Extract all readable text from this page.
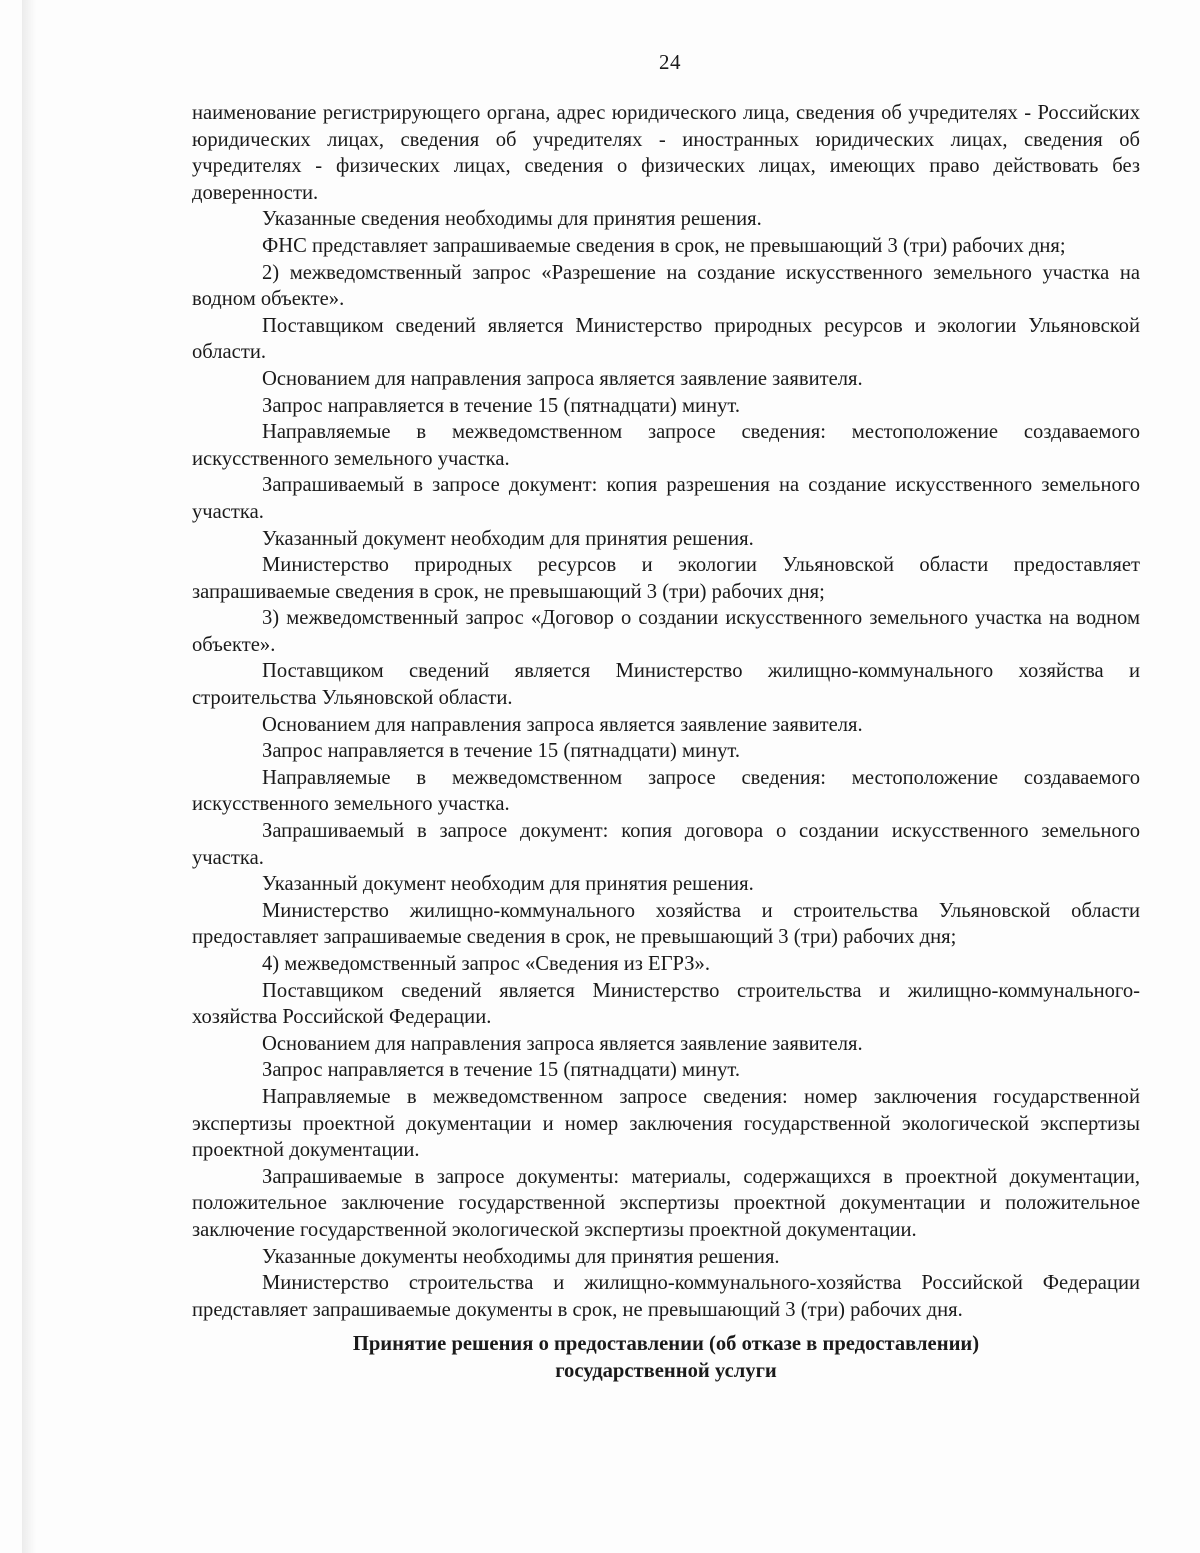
24

наименование регистрирующего органа, адрес юридического лица, сведения об учредителях - Российских юридических лицах, сведения об учредителях - иностранных юридических лицах, сведения об учредителях - физических лицах, сведения о физических лицах, имеющих право действовать без доверенности.

Указанные сведения необходимы для принятия решения.

ФНС представляет запрашиваемые сведения в срок, не превышающий 3 (три) рабочих дня;

2) межведомственный запрос «Разрешение на создание искусственного земельного участка на водном объекте».

Поставщиком сведений является Министерство природных ресурсов и экологии Ульяновской области.

Основанием для направления запроса является заявление заявителя.

Запрос направляется в течение 15 (пятнадцати) минут.

Направляемые в межведомственном запросе сведения: местоположение создаваемого искусственного земельного участка.

Запрашиваемый в запросе документ: копия разрешения на создание искусственного земельного участка.

Указанный документ необходим для принятия решения.

Министерство природных ресурсов и экологии Ульяновской области предоставляет запрашиваемые сведения в срок, не превышающий 3 (три) рабочих дня;

3) межведомственный запрос «Договор о создании искусственного земельного участка на водном объекте».

Поставщиком сведений является Министерство жилищно-коммунального хозяйства и строительства Ульяновской области.

Основанием для направления запроса является заявление заявителя.

Запрос направляется в течение 15 (пятнадцати) минут.

Направляемые в межведомственном запросе сведения: местоположение создаваемого искусственного земельного участка.

Запрашиваемый в запросе документ: копия договора о создании искусственного земельного участка.

Указанный документ необходим для принятия решения.

Министерство жилищно-коммунального хозяйства и строительства Ульяновской области предоставляет запрашиваемые сведения в срок, не превышающий 3 (три) рабочих дня;

4) межведомственный запрос «Сведения из ЕГРЗ».

Поставщиком сведений является Министерство строительства и жилищно-коммунального-хозяйства Российской Федерации.

Основанием для направления запроса является заявление заявителя.

Запрос направляется в течение 15 (пятнадцати) минут.

Направляемые в межведомственном запросе сведения: номер заключения государственной экспертизы проектной документации и номер заключения государственной экологической экспертизы проектной документации.

Запрашиваемые в запросе документы: материалы, содержащихся в проектной документации, положительное заключение государственной экспертизы проектной документации и положительное заключение государственной экологической экспертизы проектной документации.

Указанные документы необходимы для принятия решения.

Министерство строительства и жилищно-коммунального-хозяйства Российской Федерации представляет запрашиваемые документы в срок, не превышающий 3 (три) рабочих дня.

Принятие решения о предоставлении (об отказе в предоставлении)
государственной услуги
